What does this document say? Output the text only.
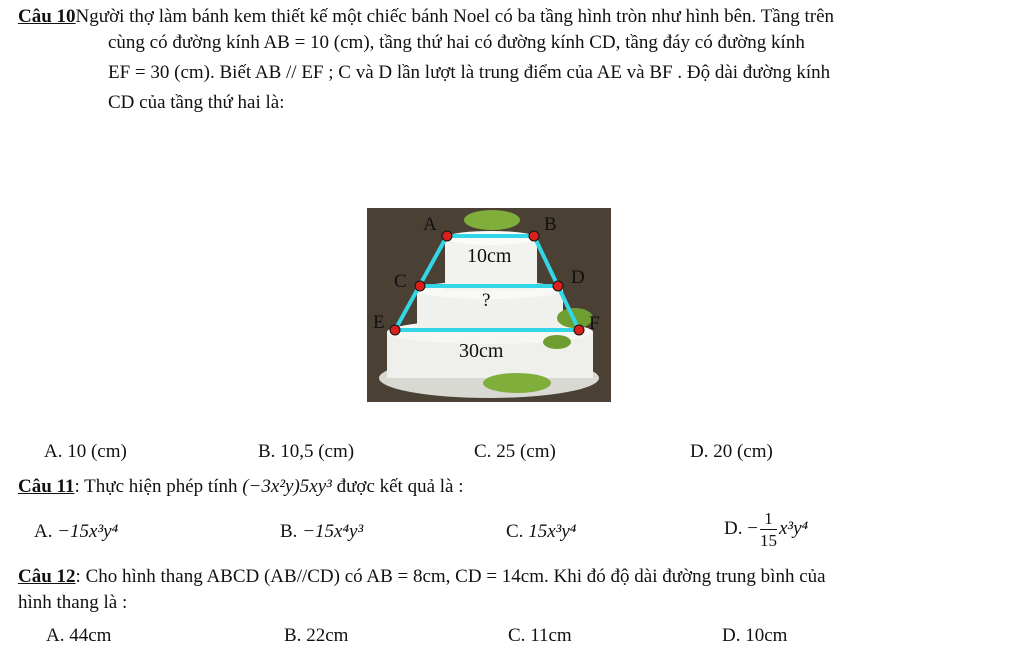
Câu 10Người thợ làm bánh kem thiết kế một chiếc bánh Noel có ba tầng hình tròn như hình bên. Tầng trên
cùng có đường kính AB = 10 (cm), tầng thứ hai có đường kính CD, tầng đáy có đường kính
EF = 30 (cm). Biết AB // EF ; C và D lần lượt là trung điểm của AE và BF . Độ dài đường kính
CD của tầng thứ hai là:
A	B
C	D
E	F
10cm
?
30cm
A. 10 (cm)	B. 10,5 (cm)	C. 25 (cm)	D. 20 (cm)
Câu 11: Thực hiện phép tính (−3x²y)5xy³ được kết quả là :
A. −15x³y⁴	B. −15x⁴y³	C. 15x³y⁴	D. − $\frac{1}{15} x^3y^4$
Câu 12: Cho hình thang ABCD (AB//CD) có AB = 8cm, CD = 14cm. Khi đó độ dài đường trung bình của
hình thang là :
A. 44cm	B. 22cm	C. 11cm	D. 10cm
